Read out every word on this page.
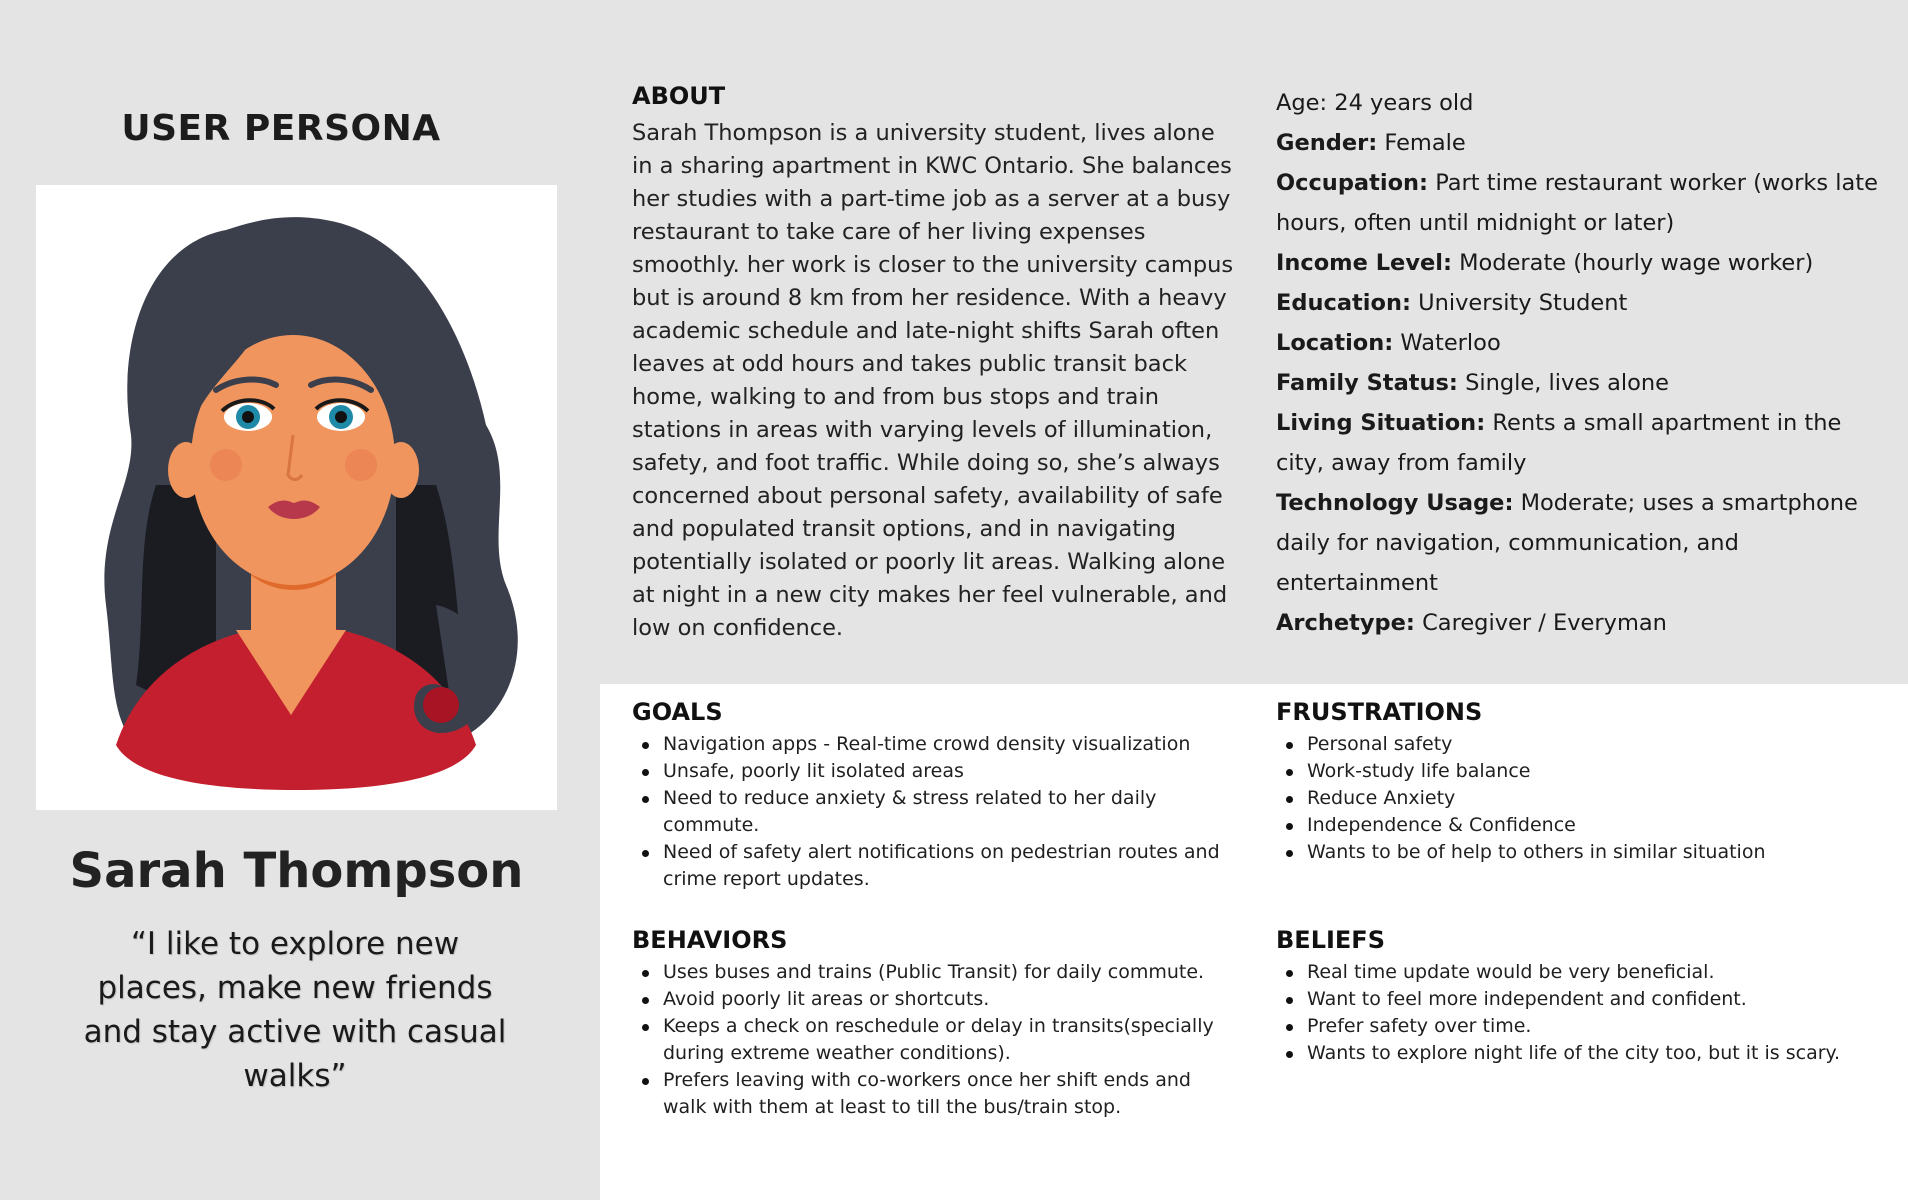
USER PERSONA
Sarah Thompson
“I like to explore new places, make new friends and stay active with casual walks”
ABOUT
Sarah Thompson is a university student, lives alone in a sharing apartment in KWC Ontario. She balances her studies with a part-time job as a server at a busy restaurant to take care of her living expenses smoothly. her work is closer to the university campus but is around 8 km from her residence. With a heavy academic schedule and late-night shifts Sarah often leaves at odd hours and takes public transit back home, walking to and from bus stops and train stations in areas with varying levels of illumination, safety, and foot traffic. While doing so, she’s always concerned about personal safety, availability of safe and populated transit options, and in navigating potentially isolated or poorly lit areas. Walking alone at night in a new city makes her feel vulnerable, and low on confidence.
Age: 24 years old
Gender: Female
Occupation: Part time restaurant worker (works late hours, often until midnight or later)
Income Level: Moderate (hourly wage worker)
Education: University Student
Location: Waterloo
Family Status: Single, lives alone
Living Situation: Rents a small apartment in the city, away from family
Technology Usage: Moderate; uses a smartphone daily for navigation, communication, and entertainment
Archetype: Caregiver / Everyman
GOALS
Navigation apps - Real-time crowd density visualization
Unsafe, poorly lit isolated areas
Need to reduce anxiety & stress related to her daily commute.
Need of safety alert notifications on pedestrian routes and crime report updates.
FRUSTRATIONS
Personal safety
Work-study life balance
Reduce Anxiety
Independence & Confidence
Wants to be of help to others in similar situation
BEHAVIORS
Uses buses and trains (Public Transit) for daily commute.
Avoid poorly lit areas or shortcuts.
Keeps a check on reschedule or delay in transits(specially during extreme weather conditions).
Prefers leaving with co-workers once her shift ends and walk with them at least to till the bus/train stop.
BELIEFS
Real time update would be very beneficial.
Want to feel more independent and confident.
Prefer safety over time.
Wants to explore night life of the city too, but it is scary.
